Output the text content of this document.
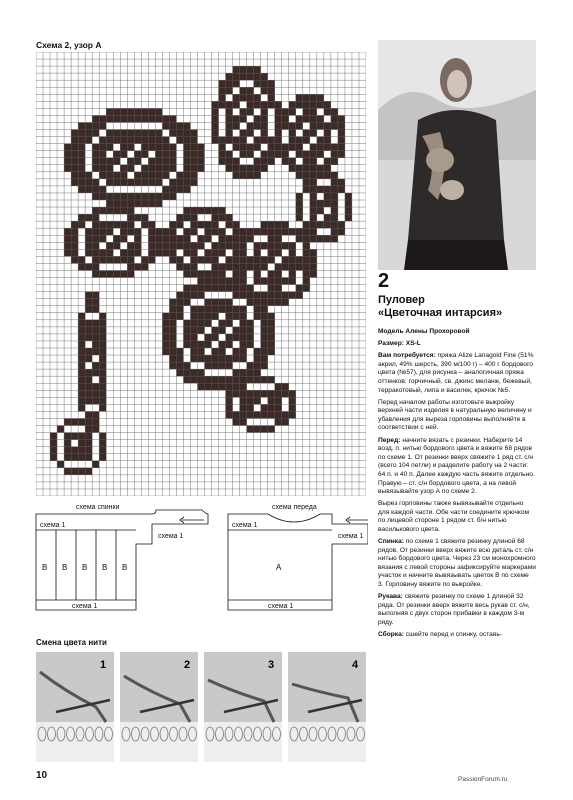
Схема 2, узор A
2
Пуловер
«Цветочная интарсия»

Модель Алены Прохоровой

Размер: XS-L

Вам потребуется: пряжа Alize Lanagold Fine (51% акрил, 49% шерсть, 390 м/100 г) – 400 г бордового цвета (№57), для рисунка – аналогичная пряжа оттенков: горчичный, св. джинс меланж, бежевый, терракотовый, липа и василек, крючок №5.

Перед началом работы изготовьте выкройку верхней части изделия в натуральную величину и убавления для выреза горловины выполняйте в соответствии с ней.

Перед: начните вязать с резинки. Наберите 14 возд. п. нитью бордового цвета и вяжите 68 рядов по схеме 1. От резинки вверх свяжите 1 ряд ст. с/н (всего 104 петли) и разделите работу на 2 части: 64 п. и 40 п. Далее каждую часть вяжите отдельно. Правую – ст. с/н бордового цвета, а на левой вывязывайте узор А по схеме 2.

Вырез горловины также вывязывайте отдельно для каждой части. Обе части соедините крючком по лицевой стороне 1 рядом ст. б/н нитью василькового цвета.

Спинка: по схеме 1 свяжите резинку длиной 68 рядов. От резинки вверх вяжите всю деталь ст. с/н нитью бордового цвета. Через 23 см монохромного вязания с левой стороны зафиксируйте маркерами участок и начните вывязывать цветок В по схеме 3. Горловину вяжите по выкройке.

Рукава: свяжите резинку по схеме 1 длиной 32 ряда. От резинки вверх вяжите весь рукав ст. с/н, выполняя с двух сторон прибавки в каждом 3-м ряду.

Сборка: сшейте перед и спинку, оставь-

схема спинки	схема переда
схема 1
схема 1
схема 1
схема 1
схема 1
схема 1
В В В В В	А
Смена цвета нити
1	2	3	4
10	PassionForum.ru
